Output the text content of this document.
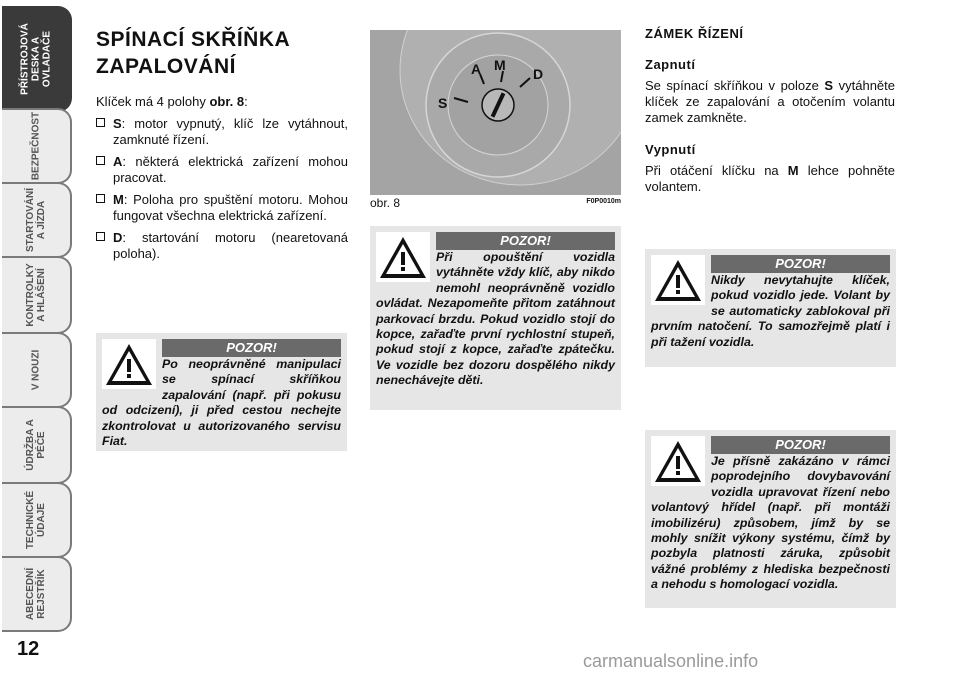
PŘÍSTROJOVÁ DESKA A OVLADAČE
BEZPEČNOST
STARTOVÁNÍ A JÍZDA
KONTROLKY A HLÁŠENÍ
V NOUZI
ÚDRŽBA A PÉČE
TECHNICKÉ ÚDAJE
ABECEDNÍ REJSTŘÍK
12
SPÍNACÍ SKŘÍŇKA ZAPALOVÁNÍ

Klíček má 4 polohy obr. 8:

S: motor vypnutý, klíč lze vytáhnout, zamknuté řízení.
A: některá elektrická zařízení mohou pracovat.
M: Poloha pro spuštění motoru. Mohou fungovat všechna elektrická zařízení.
D: startování motoru (nearetovaná poloha).
POZOR!
Po neoprávněné manipulaci se spínací skříňkou zapalování (např. při pokusu od odcizení), ji před cestou nechejte zkontrolovat u autorizovaného servisu Fiat.
S
A M
D
obr. 8	F0P0010m
POZOR!
Při opouštění vozidla vytáhněte vždy klíč, aby nikdo nemohl neoprávněně vozidlo ovládat. Nezapomeňte přitom zatáhnout parkovací brzdu. Pokud vozidlo stojí do kopce, zařaďte první rychlostní stupeň, pokud stojí z kopce, zařaďte zpátečku. Ve vozidle bez dozoru dospělého nikdy nenechávejte děti.
ZÁMEK ŘÍZENÍ
Zapnutí

Se spínací skříňkou v poloze S vytáhněte klíček ze zapalování a otočením volantu zamek zamkněte.

Vypnutí

Při otáčení klíčku na M lehce pohněte volantem.

POZOR!
Nikdy nevytahujte klíček, pokud vozidlo jede. Volant by se automaticky zablokoval při prvním natočení. To samozřejmě platí i při tažení vozidla.
POZOR!
Je přísně zakázáno v rámci poprodejního dovybavování vozidla upravovat řízení nebo volantový hřídel (např. při montáži imobilizéru) způsobem, jímž by se mohly snížit výkony systému, čímž by pozbyla platnosti záruka, způsobit vážné problémy z hlediska bezpečnosti a nehodu s homologací vozidla.
carmanualsonline.info
